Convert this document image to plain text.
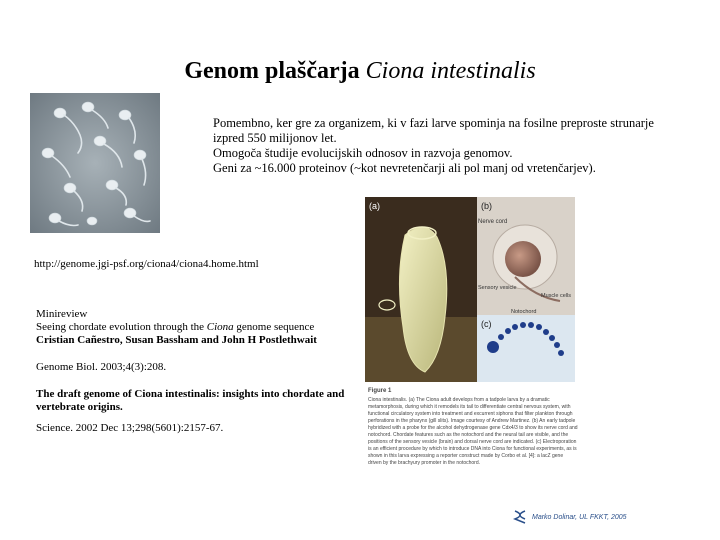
Genom plaščarja Ciona intestinalis
Pomembno, ker gre za organizem, ki v fazi larve spominja na fosilne preproste strunarje izpred 550 milijonov let.
Omogoča študije evolucijskih odnosov in razvoja genomov.
Geni za ~16.000 proteinov (~kot nevretenčarji ali pol manj od vretenčarjev).
http://genome.jgi-psf.org/ciona4/ciona4.home.html
Minireview
Seeing chordate evolution through the Ciona genome sequence
Cristian Cañestro, Susan Bassham and John H Postlethwait
Genome Biol. 2003;4(3):208.
The draft genome of Ciona intestinalis: insights into chordate and vertebrate origins.
Science. 2002 Dec 13;298(5601):2157-67.
(a)	(b)
Nerve cord
Sensory vesicle
Muscle cells
Notochord
(c)
Figure 1
Ciona intestinalis. (a) The Ciona adult develops from a tadpole larva by a dramatic metamorphosis, during which it remodels its tail to differentiate central nervous system, with functional circulatory system into treatment and excurrent siphons that filter plankton through perforations in the pharynx (gill slits). Image courtesy of Andrew Martinez. (b) An early tadpole hybridized with a probe for the alcohol dehydrogenase gene Cdx4/3 to show its nerve cord and notochord. Chordate features such as the notochord and the neural tail are visible, and the positions of the sensory vesicle (brain) and dorsal nerve cord are indicated. (c) Electroporation is an efficient procedure by which to introduce DNA into Ciona for functional experiments, as is shown in this larva expressing a reporter construct made by Corbo et al. [4]: a lacZ gene driven by the brachyury promoter in the notochord.
Marko Dolinar, UL FKKT, 2005
